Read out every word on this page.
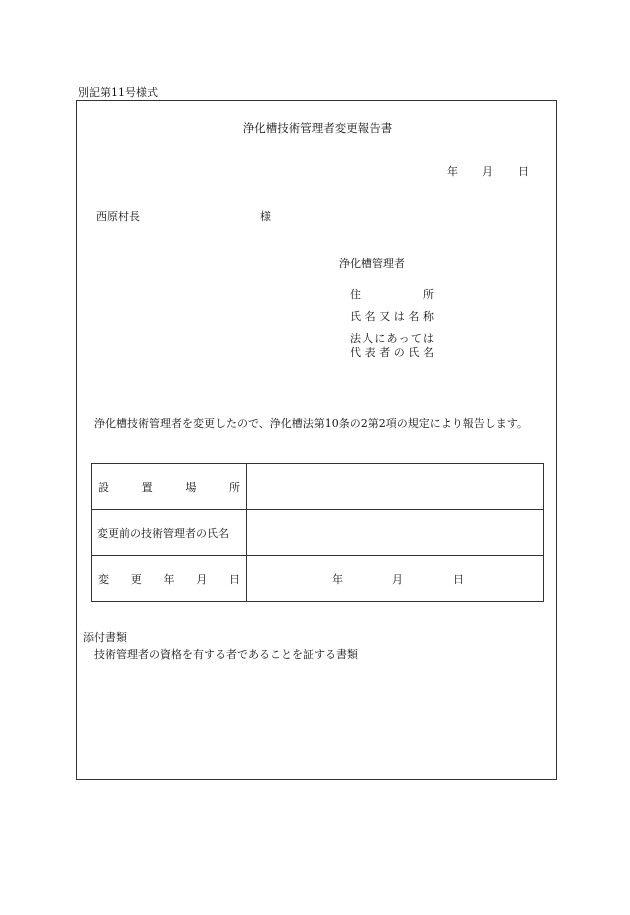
別記第11号様式
浄化槽技術管理者変更報告書
年 月 日
西原村長	様
浄化槽管理者
住所
氏名又は名称
法人にあっては
代表者の氏名
浄化槽技術管理者を変更したので、浄化槽法第10条の2第2項の規定により報告します。
設置場所	

変更前の技術管理者の氏名	

変更年月日	年 月 日
添付書類
技術管理者の資格を有する者であることを証する書類
